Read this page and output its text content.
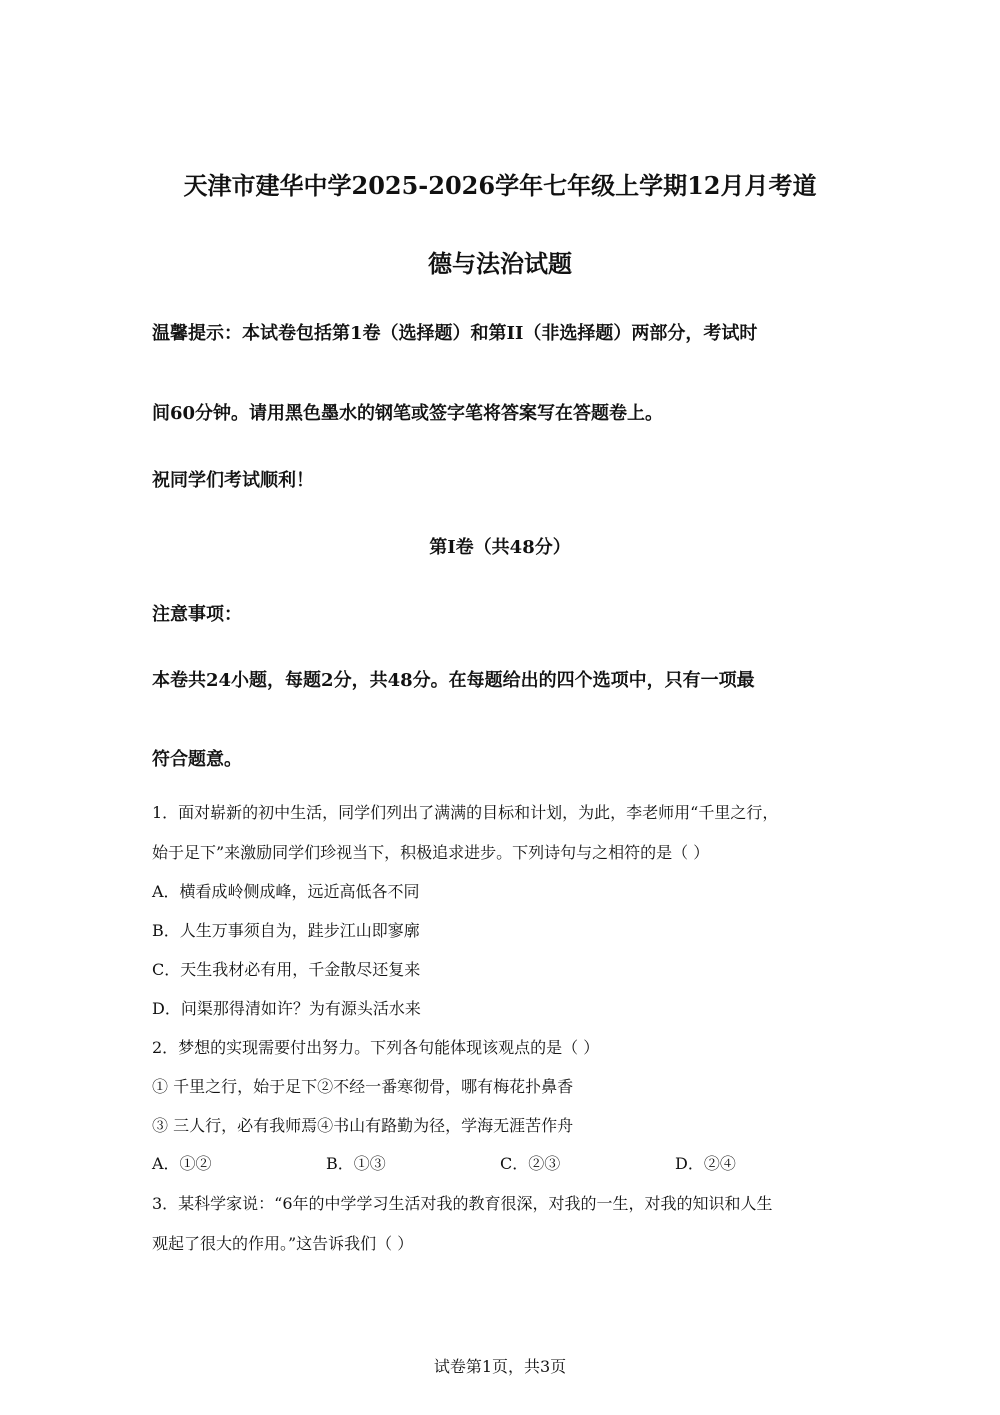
天津市建华中学2025-2026学年七年级上学期12月月考道
德与法治试题
温馨提示：本试卷包括第1卷（选择题）和第II（非选择题）两部分，考试时
间60分钟。请用黑色墨水的钢笔或签字笔将答案写在答题卷上。
祝同学们考试顺利！
第I卷（共48分）
注意事项：
本卷共24小题，每题2分，共48分。在每题给出的四个选项中，只有一项最
符合题意。
1．面对崭新的初中生活，同学们列出了满满的目标和计划，为此，李老师用“千里之行，
始于足下”来激励同学们珍视当下，积极追求进步。下列诗句与之相符的是（ ）
A．横看成岭侧成峰，远近高低各不同
B．人生万事须自为，跬步江山即寥廓
C．天生我材必有用，千金散尽还复来
D．问渠那得清如许？为有源头活水来
2．梦想的实现需要付出努力。下列各句能体现该观点的是（ ）
① 千里之行，始于足下②不经一番寒彻骨，哪有梅花扑鼻香
③ 三人行，必有我师焉④书山有路勤为径，学海无涯苦作舟
A．①②	B．①③	C．②③	D．②④
3．某科学家说：“6年的中学学习生活对我的教育很深，对我的一生，对我的知识和人生
观起了很大的作用。”这告诉我们（ ）
试卷第1页，共3页
